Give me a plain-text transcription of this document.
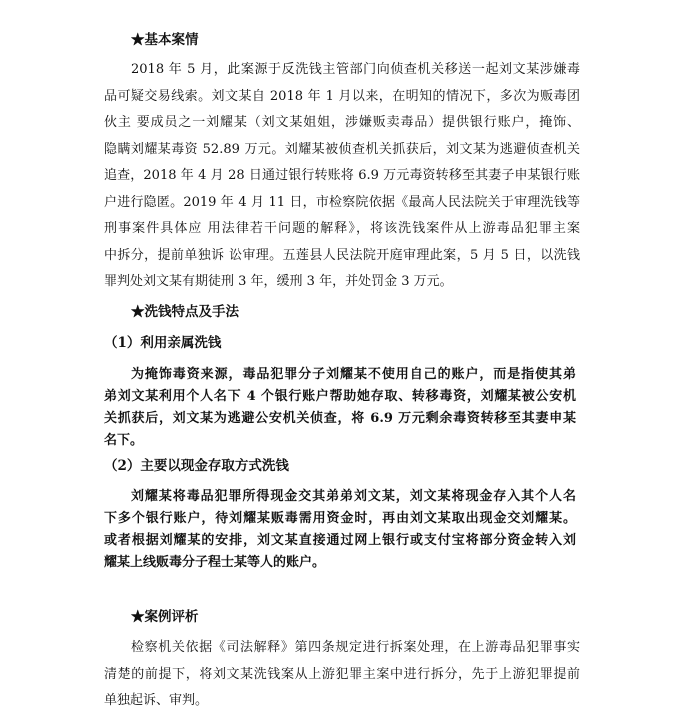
★基本案情
2018 年 5 月，此案源于反洗钱主管部门向侦查机关移送一起刘文某涉嫌毒
品可疑交易线索。刘文某自 2018 年 1 月以来，在明知的情况下，多次为贩毒团
伙主 要成员之一刘耀某（刘文某姐姐，涉嫌贩卖毒品）提供银行账户，掩饰、
隐瞒刘耀某毒资 52.89 万元。刘耀某被侦查机关抓获后，刘文某为逃避侦查机关
追查，2018 年 4 月 28 日通过银行转账将 6.9 万元毒资转移至其妻子申某银行账
户进行隐匿。2019 年 4 月 11 日，市检察院依据《最高人民法院关于审理洗钱等
刑事案件具体应 用法律若干问题的解释》，将该洗钱案件从上游毒品犯罪主案
中拆分，提前单独诉 讼审理。五莲县人民法院开庭审理此案，5 月 5 日，以洗钱
罪判处刘文某有期徒刑 3 年，缓刑 3 年，并处罚金 3 万元。
★洗钱特点及手法
（1）利用亲属洗钱
为掩饰毒资来源，毒品犯罪分子刘耀某不使用自己的账户，而是指使其弟
弟刘文某利用个人名下 4 个银行账户帮助她存取、转移毒资，刘耀某被公安机
关抓获后，刘文某为逃避公安机关侦查，将 6.9 万元剩余毒资转移至其妻申某
名下。
（2）主要以现金存取方式洗钱
刘耀某将毒品犯罪所得现金交其弟弟刘文某，刘文某将现金存入其个人名
下多个银行账户，待刘耀某贩毒需用资金时，再由刘文某取出现金交刘耀某。
或者根据刘耀某的安排，刘文某直接通过网上银行或支付宝将部分资金转入刘
耀某上线贩毒分子程士某等人的账户。
★案例评析
检察机关依据《司法解释》第四条规定进行拆案处理，在上游毒品犯罪事实
清楚的前提下，将刘文某洗钱案从上游犯罪主案中进行拆分，先于上游犯罪提前
单独起诉、审判。
